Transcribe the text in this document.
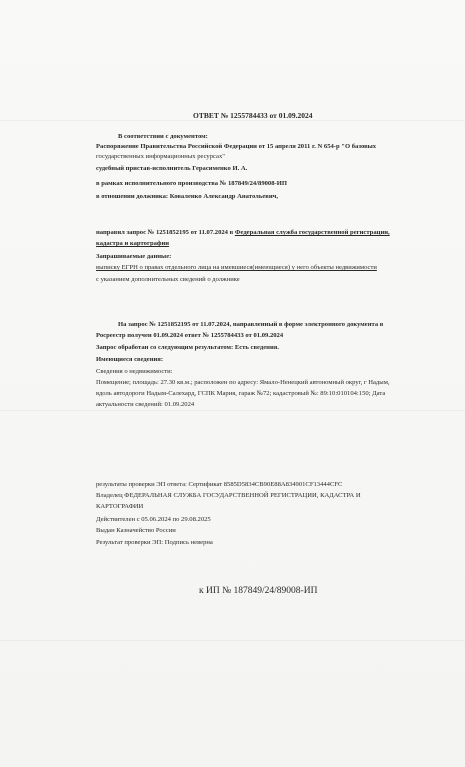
ОТВЕТ № 1255784433 от 01.09.2024
В соответствии с документом:
Распоряжение Правительства Российской Федерации от 15 апреля 2011 г. N 654-р "О базовых
государственных информационных ресурсах"
судебный пристав-исполнитель Герасименко И. А.
в рамках исполнительного производства № 187849/24/89008-ИП
в отношении должника: Коваленко Александр Анатольевич,
направил запрос № 1251852195 от 11.07.2024 в Федеральная служба государственной регистрации,
кадастра и картографии
Запрашиваемые данные:
выписку ЕГРН о правах отдельного лица на имевшиеся(имеющиеся) у него объекты недвижимости
с указанием дополнительных сведений о должнике
На запрос № 1251852195 от 11.07.2024, направленный в форме электронного документа в
Росреестр получен 01.09.2024 ответ № 1255784433 от 01.09.2024
Запрос обработан со следующим результатом: Есть сведения.
Имеющиеся сведения:
Сведения о недвижимости:
Помещение; площадь: 27.30 кв.м.; расположен по адресу: Ямало-Ненецкий автономный округ, г Надым,
вдоль автодороги Надым-Салехард, ГСПК Мария, гараж №72; кадастровый №: 89:10:010104:150; Дата
актуальности сведений: 01.09.2024
результаты проверки ЭП ответа: Сертификат 8585D5834CB90E88A834901CF13444CFC
Владелец ФЕДЕРАЛЬНАЯ СЛУЖБА ГОСУДАРСТВЕННОЙ РЕГИСТРАЦИИ, КАДАСТРА И
КАРТОГРАФИИ
Действителен с 05.06.2024 по 29.08.2025
Выдан Казначейство России
Результат проверки ЭП: Подпись неверна
к ИП № 187849/24/89008-ИП
